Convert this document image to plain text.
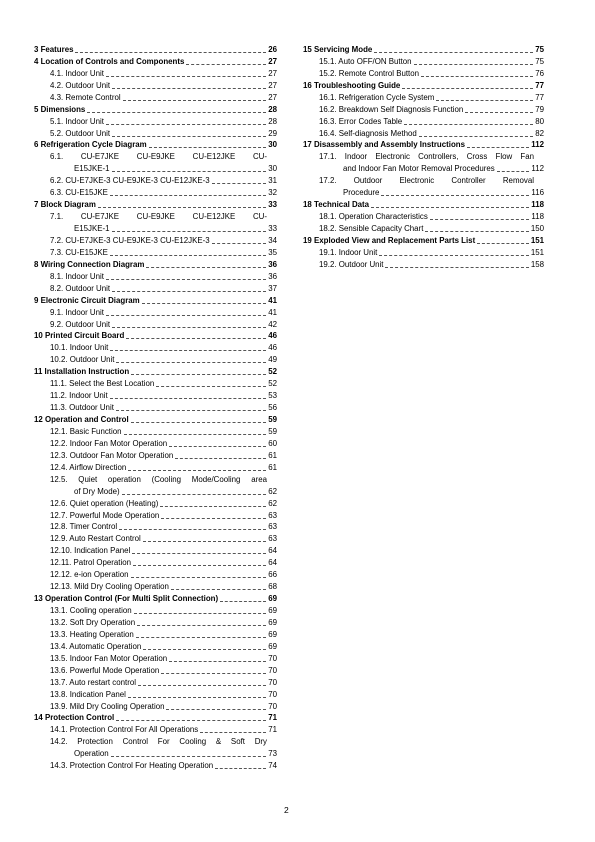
3 Features	26
4 Location of Controls and Components	27
4.1. Indoor Unit	27
4.2. Outdoor Unit	27
4.3. Remote Control	27
5 Dimensions	28
5.1. Indoor Unit	28
5.2. Outdoor Unit	29
6 Refrigeration Cycle Diagram	30
6.1. CU-E7JKE CU-E9JKE CU-E12JKE CU-
E15JKE-1	30
6.2. CU-E7JKE-3 CU-E9JKE-3 CU-E12JKE-3	31
6.3. CU-E15JKE	32
7 Block Diagram	33
7.1. CU-E7JKE CU-E9JKE CU-E12JKE CU-
E15JKE-1	33
7.2. CU-E7JKE-3 CU-E9JKE-3 CU-E12JKE-3	34
7.3. CU-E15JKE	35
8 Wiring Connection Diagram	36
8.1. Indoor Unit	36
8.2. Outdoor Unit	37
9 Electronic Circuit Diagram	41
9.1. Indoor Unit	41
9.2. Outdoor Unit	42
10 Printed Circuit Board	46
10.1. Indoor Unit	46
10.2. Outdoor Unit	49
11 Installation Instruction	52
11.1. Select the Best Location	52
11.2. Indoor Unit	53
11.3. Outdoor Unit	56
12 Operation and Control	59
12.1. Basic Function	59
12.2. Indoor Fan Motor Operation	60
12.3. Outdoor Fan Motor Operation	61
12.4. Airflow Direction	61
12.5. Quiet operation (Cooling Mode/Cooling area
of Dry Mode)	62
12.6. Quiet operation (Heating)	62
12.7. Powerful Mode Operation	63
12.8. Timer Control	63
12.9. Auto Restart Control	63
12.10. Indication Panel	64
12.11. Patrol Operation	64
12.12. e-ion Operation	66
12.13. Mild Dry Cooling Operation	68
13 Operation Control (For Multi Split Connection)	69
13.1. Cooling operation	69
13.2. Soft Dry Operation	69
13.3. Heating Operation	69
13.4. Automatic Operation	69
13.5. Indoor Fan Motor Operation	70
13.6. Powerful Mode Operation	70
13.7. Auto restart control	70
13.8. Indication Panel	70
13.9. Mild Dry Cooling Operation	70
14 Protection Control	71
14.1. Protection Control For All Operations	71
14.2. Protection Control For Cooling & Soft Dry
Operation	73
14.3. Protection Control For Heating Operation	74
15 Servicing Mode	75
15.1. Auto OFF/ON Button	75
15.2. Remote Control Button	76
16 Troubleshooting Guide	77
16.1. Refrigeration Cycle System	77
16.2. Breakdown Self Diagnosis Function	79
16.3. Error Codes Table	80
16.4. Self-diagnosis Method	82
17 Disassembly and Assembly Instructions	112
17.1. Indoor Electronic Controllers, Cross Flow Fan
and Indoor Fan Motor Removal Procedures	112
17.2. Outdoor Electronic Controller Removal
Procedure	116
18 Technical Data	118
18.1. Operation Characteristics	118
18.2. Sensible Capacity Chart	150
19 Exploded View and Replacement Parts List	151
19.1. Indoor Unit	151
19.2. Outdoor Unit	158
2
